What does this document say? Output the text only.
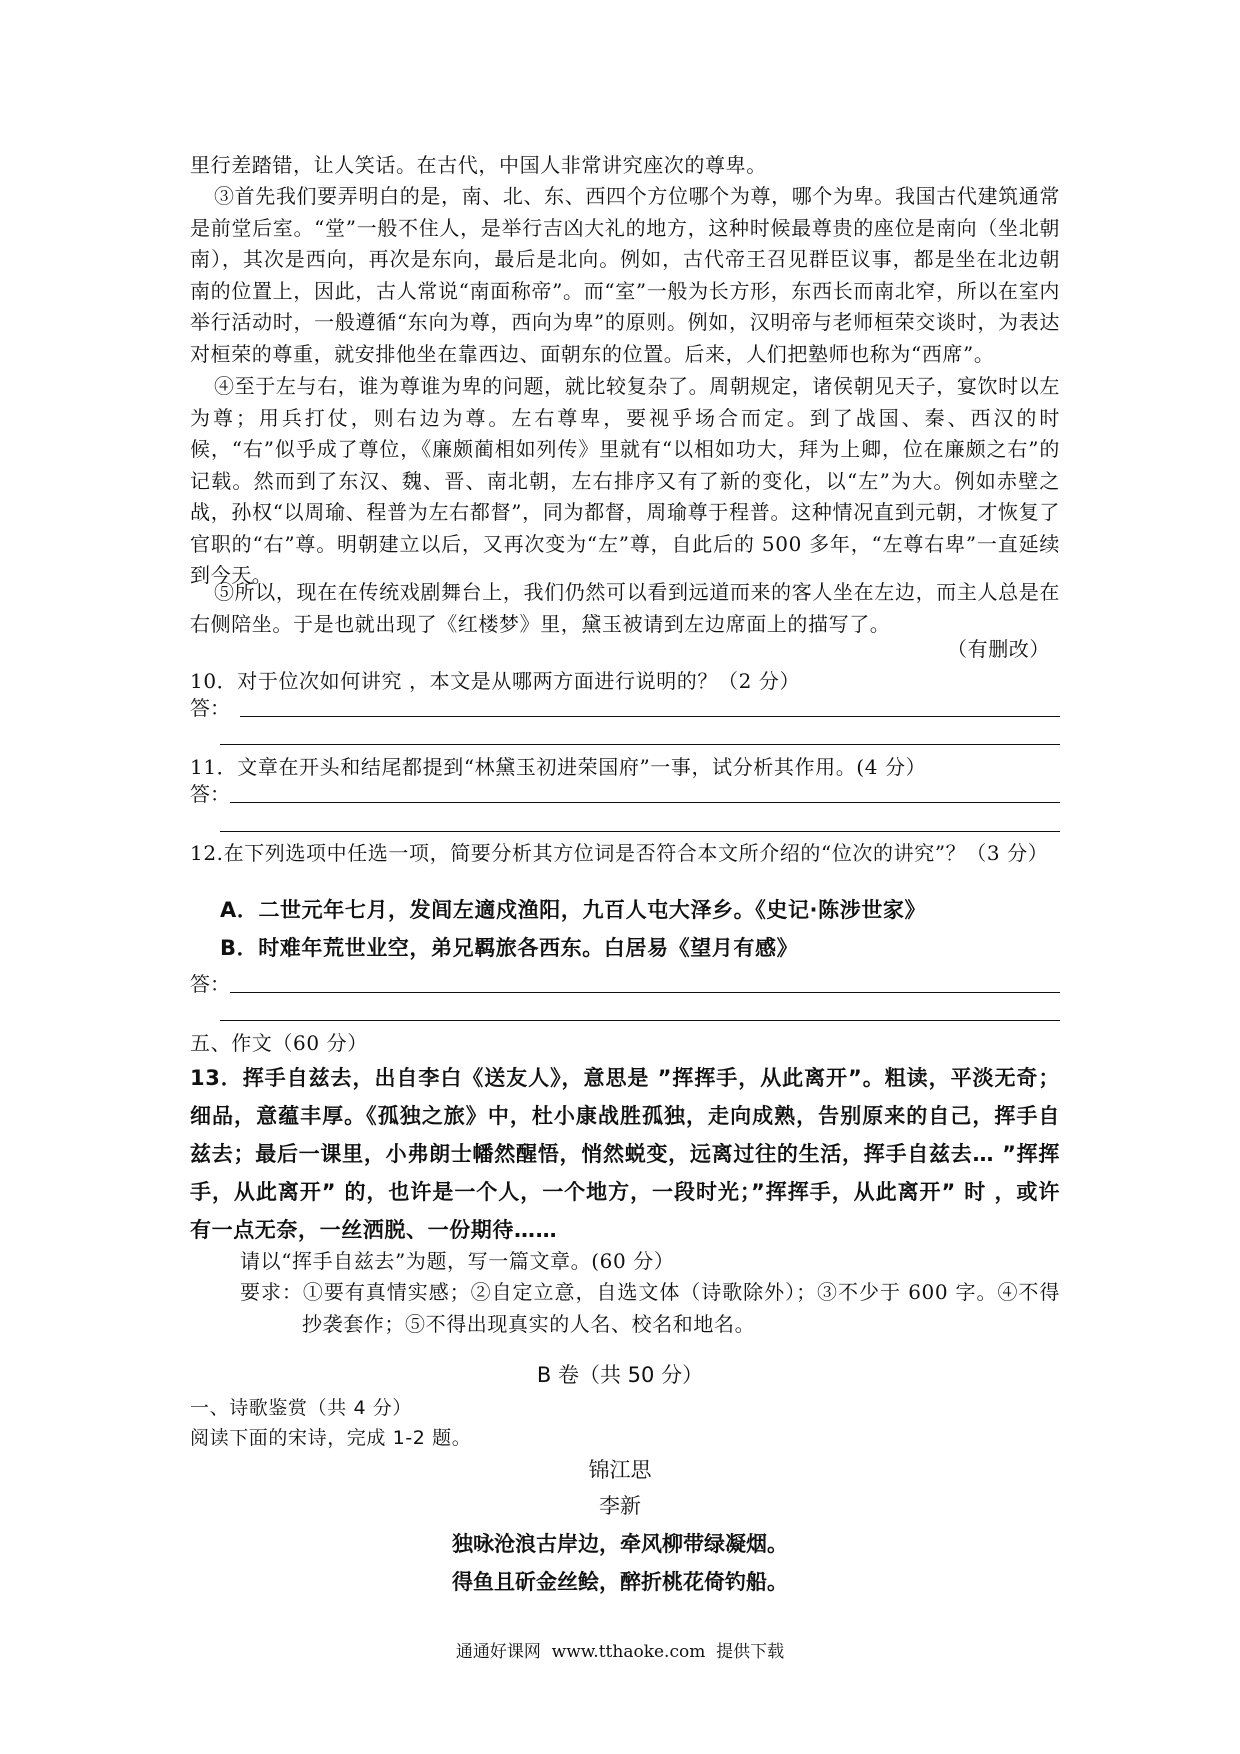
里行差踏错，让人笑话。在古代，中国人非常讲究座次的尊卑。
③首先我们要弄明白的是，南、北、东、西四个方位哪个为尊，哪个为卑。我国古代建筑通常是前堂后室。“堂”一般不住人，是举行吉凶大礼的地方，这种时候最尊贵的座位是南向（坐北朝南），其次是西向，再次是东向，最后是北向。例如，古代帝王召见群臣议事，都是坐在北边朝南的位置上，因此，古人常说“南面称帝”。而“室”一般为长方形，东西长而南北窄，所以在室内举行活动时，一般遵循“东向为尊，西向为卑”的原则。例如，汉明帝与老师桓荣交谈时，为表达对桓荣的尊重，就安排他坐在靠西边、面朝东的位置。后来，人们把塾师也称为“西席”。
④至于左与右，谁为尊谁为卑的问题，就比较复杂了。周朝规定，诸侯朝见天子，宴饮时以左为尊；用兵打仗，则右边为尊。左右尊卑，要视乎场合而定。到了战国、秦、西汉的时候，“右”似乎成了尊位，《廉颇蔺相如列传》里就有“以相如功大，拜为上卿，位在廉颇之右”的记载。然而到了东汉、魏、晋、南北朝，左右排序又有了新的变化，以“左”为大。例如赤壁之战，孙权“以周瑜、程普为左右都督”，同为都督，周瑜尊于程普。这种情况直到元朝，才恢复了官职的“右”尊。明朝建立以后，又再次变为“左”尊，自此后的 500 多年，“左尊右卑”一直延续到今天。
⑤所以，现在在传统戏剧舞台上，我们仍然可以看到远道而来的客人坐在左边，而主人总是在右侧陪坐。于是也就出现了《红楼梦》里，黛玉被请到左边席面上的描写了。
（有删改）
10．对于位次如何讲究 ，本文是从哪两方面进行说明的？（2 分）
答：
11．文章在开头和结尾都提到“林黛玉初进荣国府”一事，试分析其作用。(4 分）
答：
12.在下列选项中任选一项，简要分析其方位词是否符合本文所介绍的“位次的讲究”？（3 分）
A．二世元年七月，发闾左適戍渔阳，九百人屯大泽乡。《史记·陈涉世家》
B．时难年荒世业空，弟兄羁旅各西东。白居易《望月有感》
答：
五、作文（60 分）
13．挥手自兹去，出自李白《送友人》，意思是 ”挥挥手，从此离开”。粗读，平淡无奇；细品，意蕴丰厚。《孤独之旅》中，杜小康战胜孤独，走向成熟，告别原来的自己，挥手自兹去；最后一课里，小弗朗士幡然醒悟，悄然蜕变，远离过往的生活，挥手自兹去… ”挥挥手，从此离开” 的，也许是一个人，一个地方，一段时光；”挥挥手，从此离开” 时 ，或许有一点无奈，一丝洒脱、一份期待……
请以“挥手自兹去”为题，写一篇文章。(60 分）
要求：①要有真情实感；②自定立意，自选文体（诗歌除外）；③不少于 600 字。④不得抄袭套作；⑤不得出现真实的人名、校名和地名。
B 卷（共 50 分）
一、诗歌鉴赏（共 4 分）
阅读下面的宋诗，完成 1-2 题。
锦江思
李新
独咏沧浪古岸边，牵风柳带绿凝烟。
得鱼且斫金丝鲙，醉折桃花倚钓船。
通通好课网  www.tthaoke.com  提供下载
